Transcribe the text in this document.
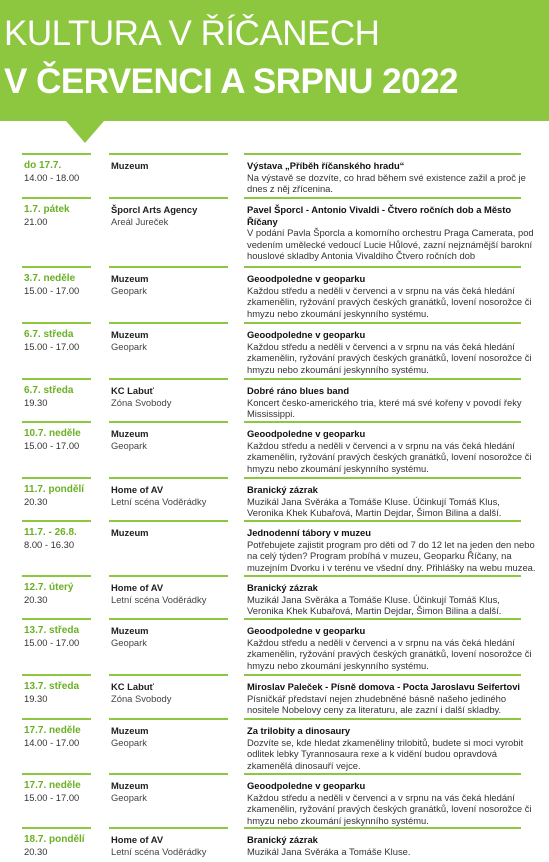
KULTURA V ŘÍČANECH
V ČERVENCI A SRPNU 2022
do 17.7.
14.00 - 18.00
Muzeum	Výstava „Příběh říčanského hradu“
Na výstavě se dozvíte, co hrad během své existence zažil a proč je dnes z něj zřícenina.
1.7. pátek
21.00
Šporcl Arts Agency
Areál Jureček
Pavel Šporcl - Antonio Vivaldi - Čtvero ročních dob a Město Říčany
V podání Pavla Šporcla a komorního orchestru Praga Camerata, pod vedením umělecké vedoucí Lucie Hůlové, zazní nejznámější barokní houslové skladby Antonia Vivaldiho Čtvero ročních dob
3.7. neděle
15.00 - 17.00
Muzeum
Geopark
Geoodpoledne v geoparku
Každou středu a neděli v červenci a v srpnu na vás čeká hledání zkamenělin, ryžování pravých českých granátků, lovení nosorožce či hmyzu nebo zkoumání jeskynního systému.
6.7. středa
15.00 - 17.00
Muzeum
Geopark
Geoodpoledne v geoparku
Každou středu a neděli v červenci a v srpnu na vás čeká hledání zkamenělin, ryžování pravých českých granátků, lovení nosorožce či hmyzu nebo zkoumání jeskynního systému.
6.7. středa
19.30
KC Labuť
Zóna Svobody
Dobré ráno blues band
Koncert česko-amerického tria, které má své kořeny v povodí řeky Mississippi.
10.7. neděle
15.00 - 17.00
Muzeum
Geopark
Geoodpoledne v geoparku
Každou středu a neděli v červenci a v srpnu na vás čeká hledání zkamenělin, ryžování pravých českých granátků, lovení nosorožce či hmyzu nebo zkoumání jeskynního systému.
11.7. pondělí
20.30
Home of AV
Letní scéna Voděrádky
Branický zázrak
Muzikál Jana Svěráka a Tomáše Kluse. Účinkují Tomáš Klus, Veronika Khek Kubařová, Martin Dejdar, Šimon Bilina a další.
11.7. - 26.8.
8.00 - 16.30
Muzeum	Jednodenní tábory v muzeu
Potřebujete zajistit program pro děti od 7 do 12 let na jeden den nebo na celý týden? Program probíhá v muzeu, Geoparku Říčany, na muzejním Dvorku i v terénu ve všední dny. Přihlášky na webu muzea.
12.7. úterý
20.30
Home of AV
Letní scéna Voděrádky
Branický zázrak
Muzikál Jana Svěráka a Tomáše Kluse. Účinkují Tomáš Klus, Veronika Khek Kubařová, Martin Dejdar, Šimon Bilina a další.
13.7. středa
15.00 - 17.00
Muzeum
Geopark
Geoodpoledne v geoparku
Každou středu a neděli v červenci a v srpnu na vás čeká hledání zkamenělin, ryžování pravých českých granátků, lovení nosorožce či hmyzu nebo zkoumání jeskynního systému.
13.7. středa
19.30
KC Labuť
Zóna Svobody
Miroslav Paleček - Písně domova - Pocta Jaroslavu Seifertovi
Písničkář představí nejen zhudebněné básně našeho jediného nositele Nobelovy ceny za literaturu, ale zazní i další skladby.
17.7. neděle
14.00 - 17.00
Muzeum
Geopark
Za trilobity a dinosaury
Dozvíte se, kde hledat zkameněliny trilobitů, budete si moci vyrobit odlitek lebky Tyrannosaura rexe a k vidění budou opravdová zkamenělá dinosauří vejce.
17.7. neděle
15.00 - 17.00
Muzeum
Geopark
Geoodpoledne v geoparku
Každou středu a neděli v červenci a v srpnu na vás čeká hledání zkamenělin, ryžování pravých českých granátků, lovení nosorožce či hmyzu nebo zkoumání jeskynního systému.
18.7. pondělí
20.30
Home of AV
Letní scéna Voděrádky
Branický zázrak
Muzikál Jana Svěráka a Tomáše Kluse.
